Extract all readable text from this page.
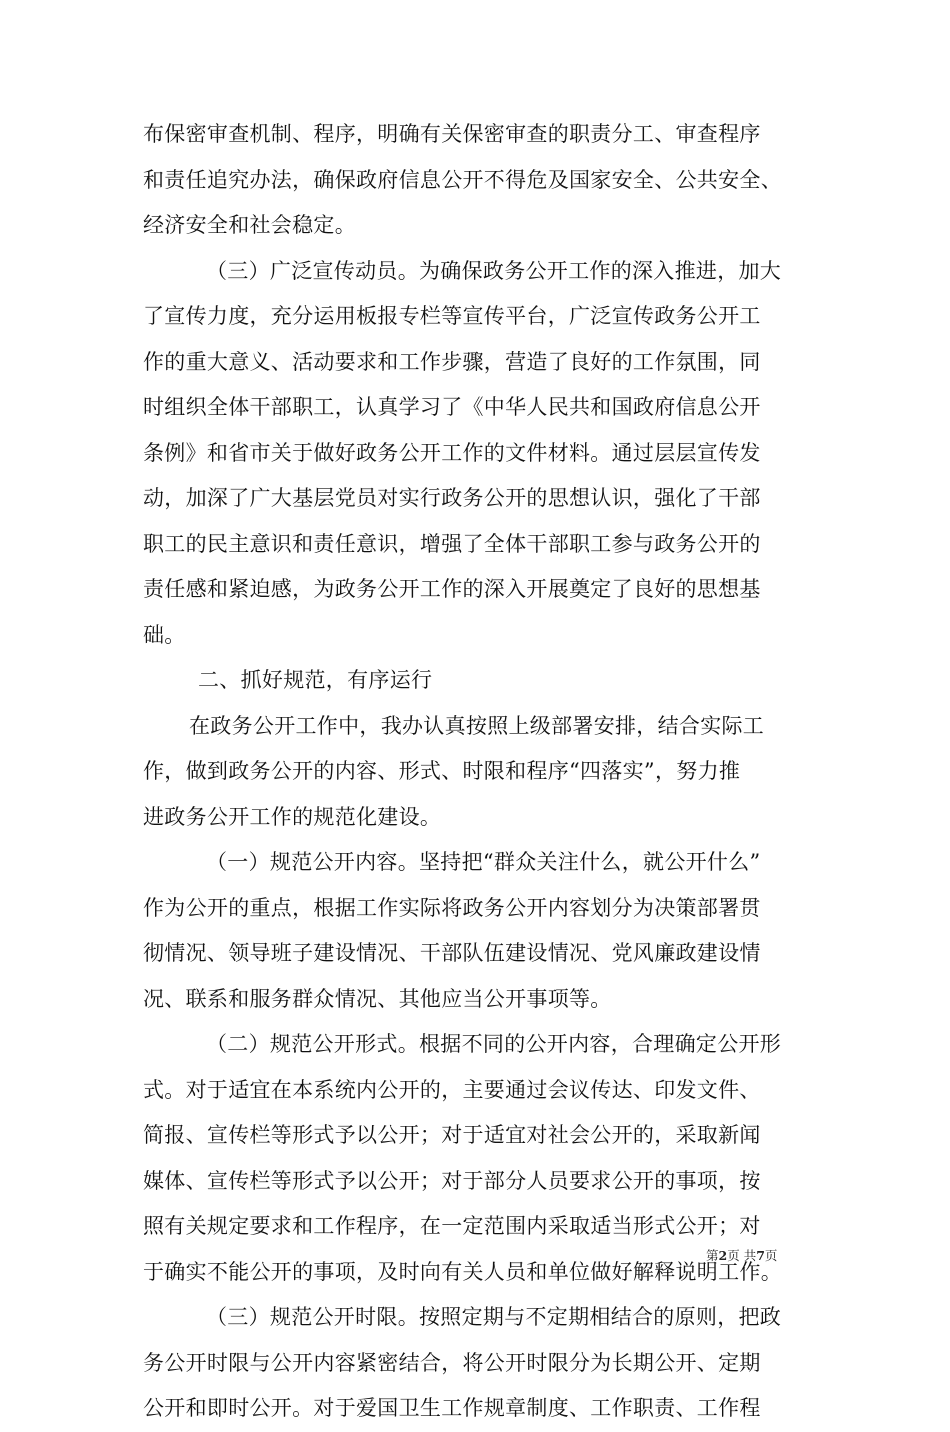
布保密审查机制、程序，明确有关保密审查的职责分工、审查程序
和责任追究办法，确保政府信息公开不得危及国家安全、公共安全、
经济安全和社会稳定。
（三）广泛宣传动员。为确保政务公开工作的深入推进，加大
了宣传力度，充分运用板报专栏等宣传平台，广泛宣传政务公开工
作的重大意义、活动要求和工作步骤，营造了良好的工作氛围，同
时组织全体干部职工，认真学习了《中华人民共和国政府信息公开
条例》和省市关于做好政务公开工作的文件材料。通过层层宣传发
动，加深了广大基层党员对实行政务公开的思想认识，强化了干部
职工的民主意识和责任意识，增强了全体干部职工参与政务公开的
责任感和紧迫感，为政务公开工作的深入开展奠定了良好的思想基
础。
二、抓好规范，有序运行
在政务公开工作中，我办认真按照上级部署安排，结合实际工
作，做到政务公开的内容、形式、时限和程序“四落实”，努力推
进政务公开工作的规范化建设。
（一）规范公开内容。坚持把“群众关注什么，就公开什么”
作为公开的重点，根据工作实际将政务公开内容划分为决策部署贯
彻情况、领导班子建设情况、干部队伍建设情况、党风廉政建设情
况、联系和服务群众情况、其他应当公开事项等。
（二）规范公开形式。根据不同的公开内容，合理确定公开形
式。对于适宜在本系统内公开的，主要通过会议传达、印发文件、
简报、宣传栏等形式予以公开；对于适宜对社会公开的，采取新闻
媒体、宣传栏等形式予以公开；对于部分人员要求公开的事项，按
照有关规定要求和工作程序，在一定范围内采取适当形式公开；对
于确实不能公开的事项，及时向有关人员和单位做好解释说明工作。
（三）规范公开时限。按照定期与不定期相结合的原则，把政
务公开时限与公开内容紧密结合，将公开时限分为长期公开、定期
公开和即时公开。对于爱国卫生工作规章制度、工作职责、工作程
第2页 共7页
